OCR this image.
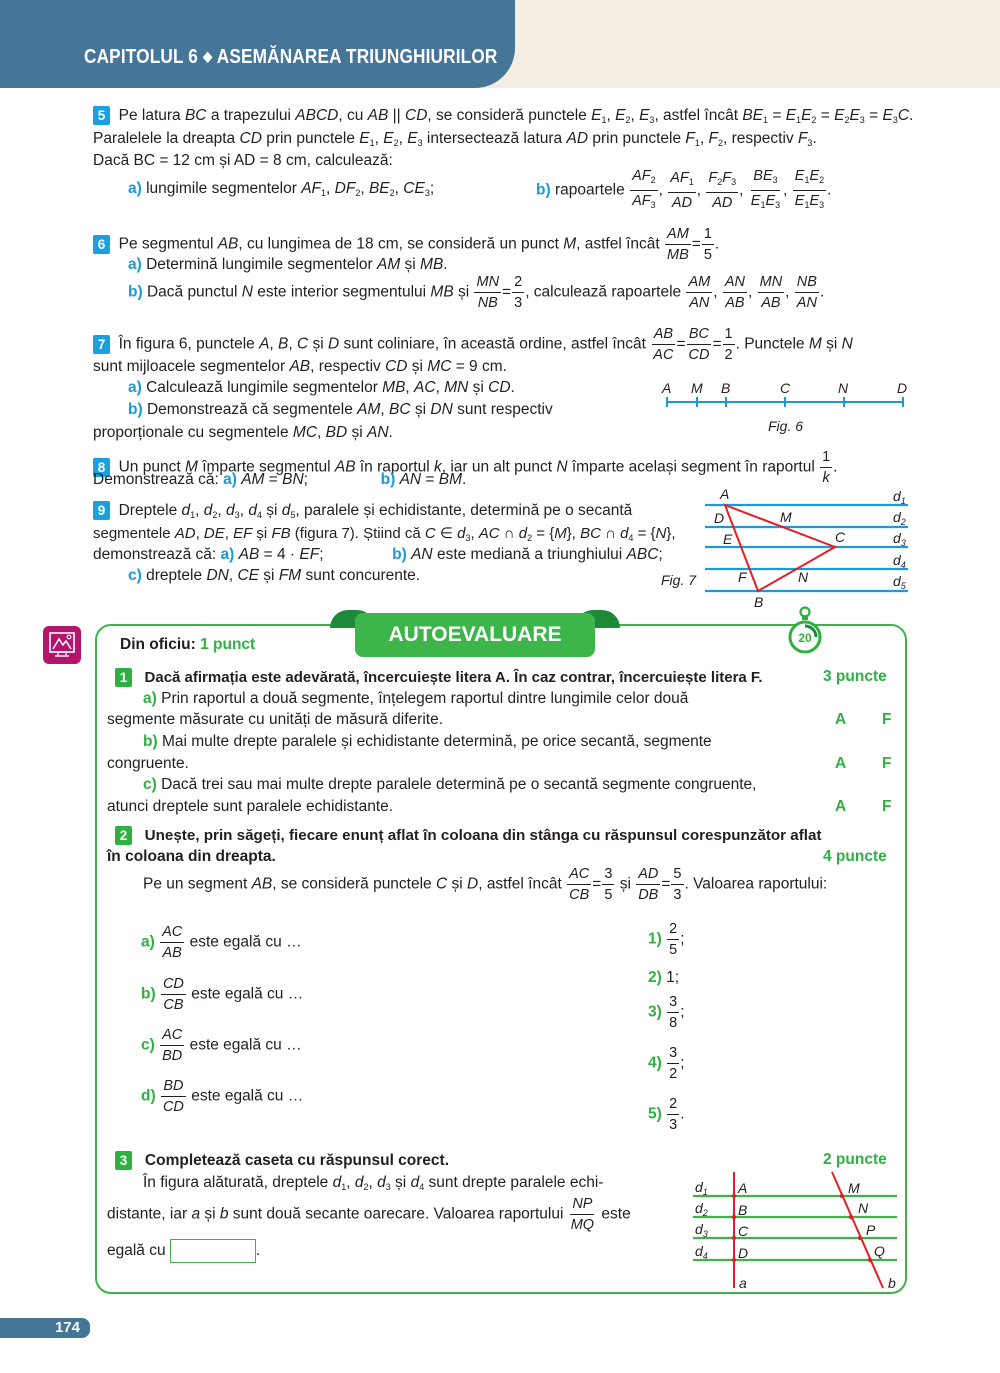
CAPITOLUL 6 ◆ ASEMĂNAREA TRIUNGHIURILOR
5  Pe latura BC a trapezului ABCD, cu AB || CD, se consideră punctele $E_1$, $E_2$, $E_3$, astfel încât $BE_1 = E_1E_2 = E_2E_3 = E_3C$.
Paralelele la dreapta CD prin punctele $E_1$, $E_2$, $E_3$ intersectează latura AD prin punctele $F_1$, $F_2$, respectiv $F_3$.
Dacă BC = 12 cm și AD = 8 cm, calculează:
a) lungimile segmentelor $AF_1$, $DF_2$, $BE_2$, $CE_3$;	b) rapoartele $\frac{AF_2}{AF_3}$ , $\frac{AF_1}{AD}$ , $\frac{F_2F_3}{AD}$ , $\frac{BE_3}{E_1E_3}$ , $\frac{E_1E_2}{E_1E_3}$ .
6  Pe segmentul AB, cu lungimea de 18 cm, se consideră un punct M, astfel încât $\frac{AM}{MB} = \frac{1}{5}$ .
a) Determină lungimile segmentelor AM și MB.
b) Dacă punctul N este interior segmentului MB și $\frac{MN}{NB} = \frac{2}{3}$ , calculează rapoartele $\frac{AM}{AN}$ , $\frac{AN}{AB}$ , $\frac{MN}{AB}$ , $\frac{NB}{AN}$ .
7  În figura 6, punctele A, B, C și D sunt coliniare, în această ordine, astfel încât $\frac{AB}{AC} = \frac{BC}{CD} = \frac{1}{2}$ . Punctele M și N
sunt mijloacele segmentelor AB, respectiv CD și MC = 9 cm.
a) Calculează lungimile segmentelor MB, AC, MN și CD.
b) Demonstrează că segmentele AM, BC și DN sunt respectiv
proporționale cu segmentele MC, BD și AN.
A M B	C	N	D
Fig. 6
8  Un punct M împarte segmentul AB în raportul k, iar un alt punct N împarte același segment în raportul $\frac{1}{k}$ .
Demonstrează că: a) AM = BN;	b) AN = BM.
9  Dreptele $d_1$, $d_2$, $d_3$, $d_4$ și $d_5$, paralele și echidistante, determină pe o secantă
segmentele AD, DE, EF și FB (figura 7). Știind că C ∈ $d_3$, AC ∩ $d_2 = \{M\}$, BC ∩ $d_4 = \{N\}$,
demonstrează că: a) AB = 4 · EF;	b) AN este mediană a triunghiului ABC;
c) dreptele DN, CE și FM sunt concurente.
A
D	M
E	C
F	N
B
$d_1$
$d_2$
$d_3$
$d_4$
$d_5$
Fig. 7
AUTOEVALUARE	20
Din oficiu: 1 punct
1 Dacă afirmația este adevărată, încercuiește litera A. În caz contrar, încercuiește litera F.	3 puncte
a) Prin raportul a două segmente, înțelegem raportul dintre lungimile celor două
segmente măsurate cu unități de măsură diferite.	A F
b) Mai multe drepte paralele și echidistante determină, pe orice secantă, segmente
congruente.	A F
c) Dacă trei sau mai multe drepte paralele determină pe o secantă segmente congruente,
atunci dreptele sunt paralele echidistante.	A F
2 Unește, prin săgeți, fiecare enunț aflat în coloana din stânga cu răspunsul corespunzător aflat
în coloana din dreapta.	4 puncte
Pe un segment AB, se consideră punctele C și D, astfel încât $\frac{AC}{CB} = \frac{3}{5}$ și $\frac{AD}{DB} = \frac{5}{3}$ . Valoarea raportului:
$a) \frac{AC}{AB}$ este egală cu …
$b) \frac{CD}{CB}$ este egală cu …
$c) \frac{AC}{BD}$ este egală cu …
$d) \frac{BD}{CD}$ este egală cu …
$1) \frac{2}{5}$ ;
2) 1;
$3) \frac{3}{8}$ ;
$4) \frac{3}{2}$ ;
$5) \frac{2}{3}$ .
3 Completează caseta cu răspunsul corect.	2 puncte
În figura alăturată, dreptele $d_1$, $d_2$, $d_3$ și $d_4$ sunt drepte paralele echi-
distante, iar a și b sunt două secante oarecare. Valoarea raportului $\frac{NP}{MQ}$ este
egală cu	.
$d_1$
$d_2$
$d_3$
$d_4$
A
B
C
D
M
N
P
Q
a	b
174
